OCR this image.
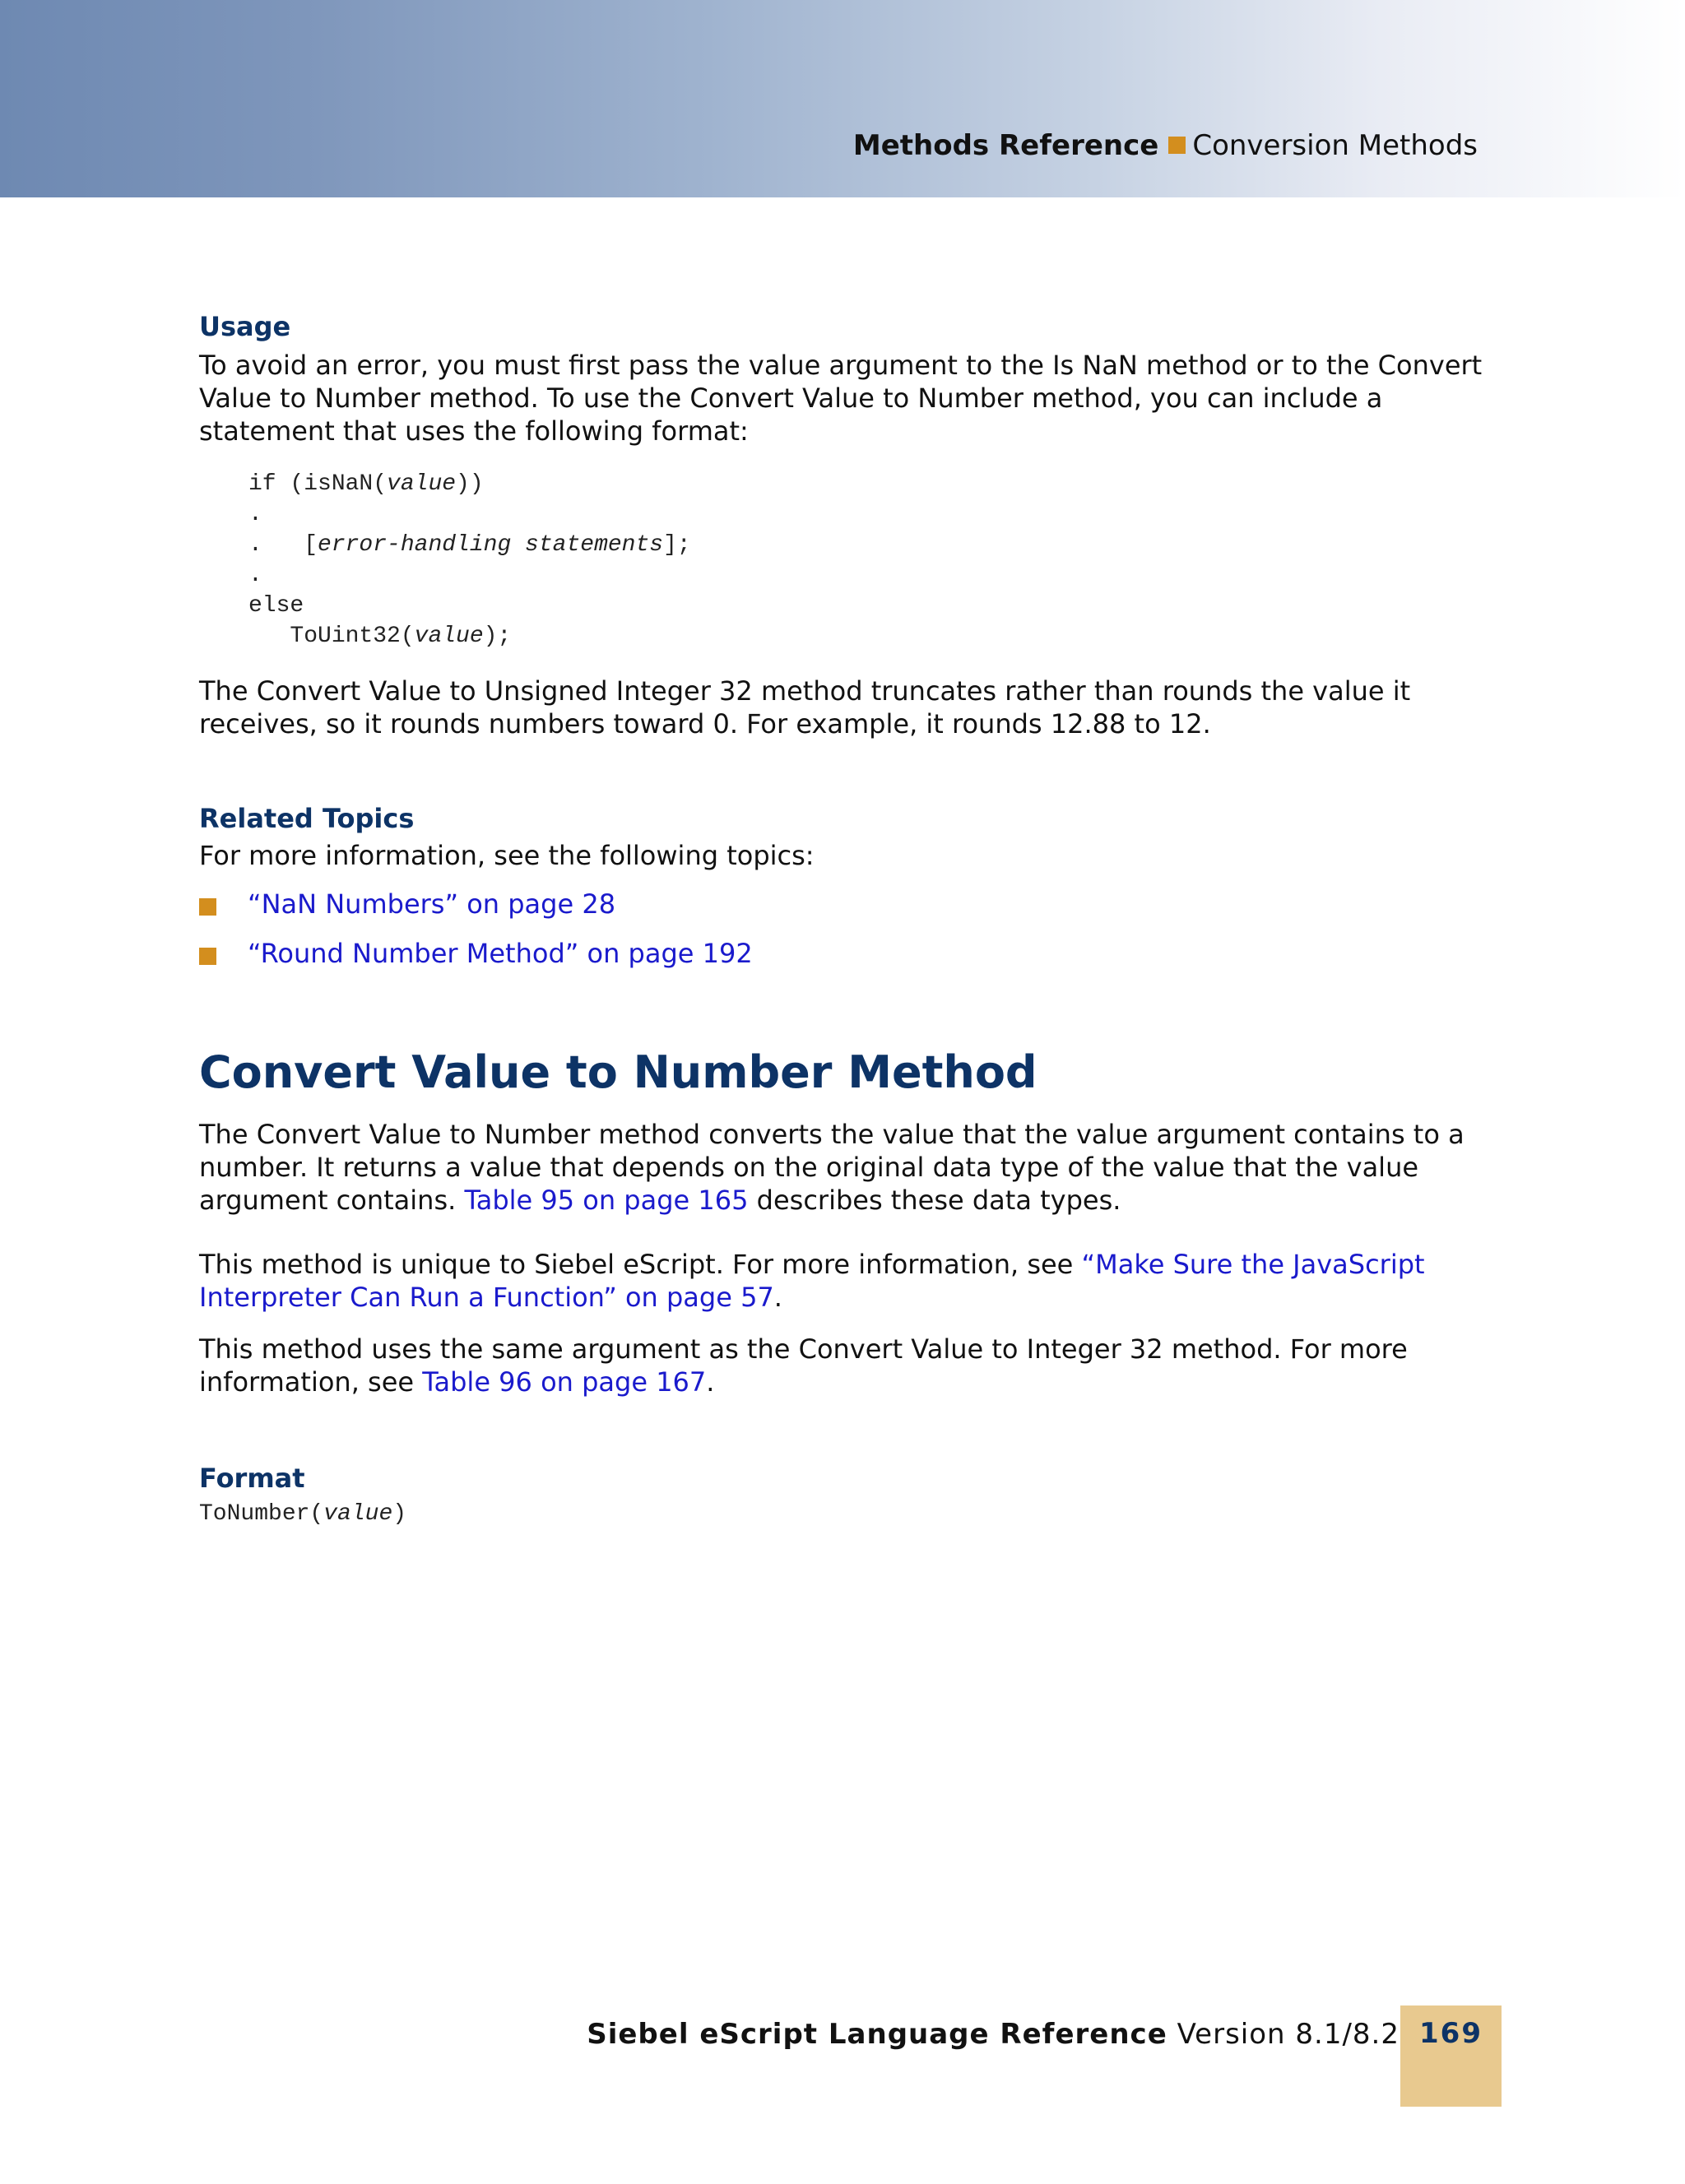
Methods Reference Conversion Methods
Usage
To avoid an error, you must first pass the value argument to the Is NaN method or to the Convert Value to Number method. To use the Convert Value to Number method, you can include a statement that uses the following format:
if (isNaN(value))
.
.   [error-handling statements];
.
else
ToUint32(value);
The Convert Value to Unsigned Integer 32 method truncates rather than rounds the value it receives, so it rounds numbers toward 0. For example, it rounds 12.88 to 12.
Related Topics
For more information, see the following topics:
“NaN Numbers” on page 28
“Round Number Method” on page 192
Convert Value to Number Method
The Convert Value to Number method converts the value that the value argument contains to a number. It returns a value that depends on the original data type of the value that the value argument contains. Table 95 on page 165 describes these data types.
This method is unique to Siebel eScript. For more information, see “Make Sure the JavaScript Interpreter Can Run a Function” on page 57.
This method uses the same argument as the Convert Value to Integer 32 method. For more information, see Table 96 on page 167.
Format
ToNumber(value)
Siebel eScript Language Reference Version 8.1/8.2 169
